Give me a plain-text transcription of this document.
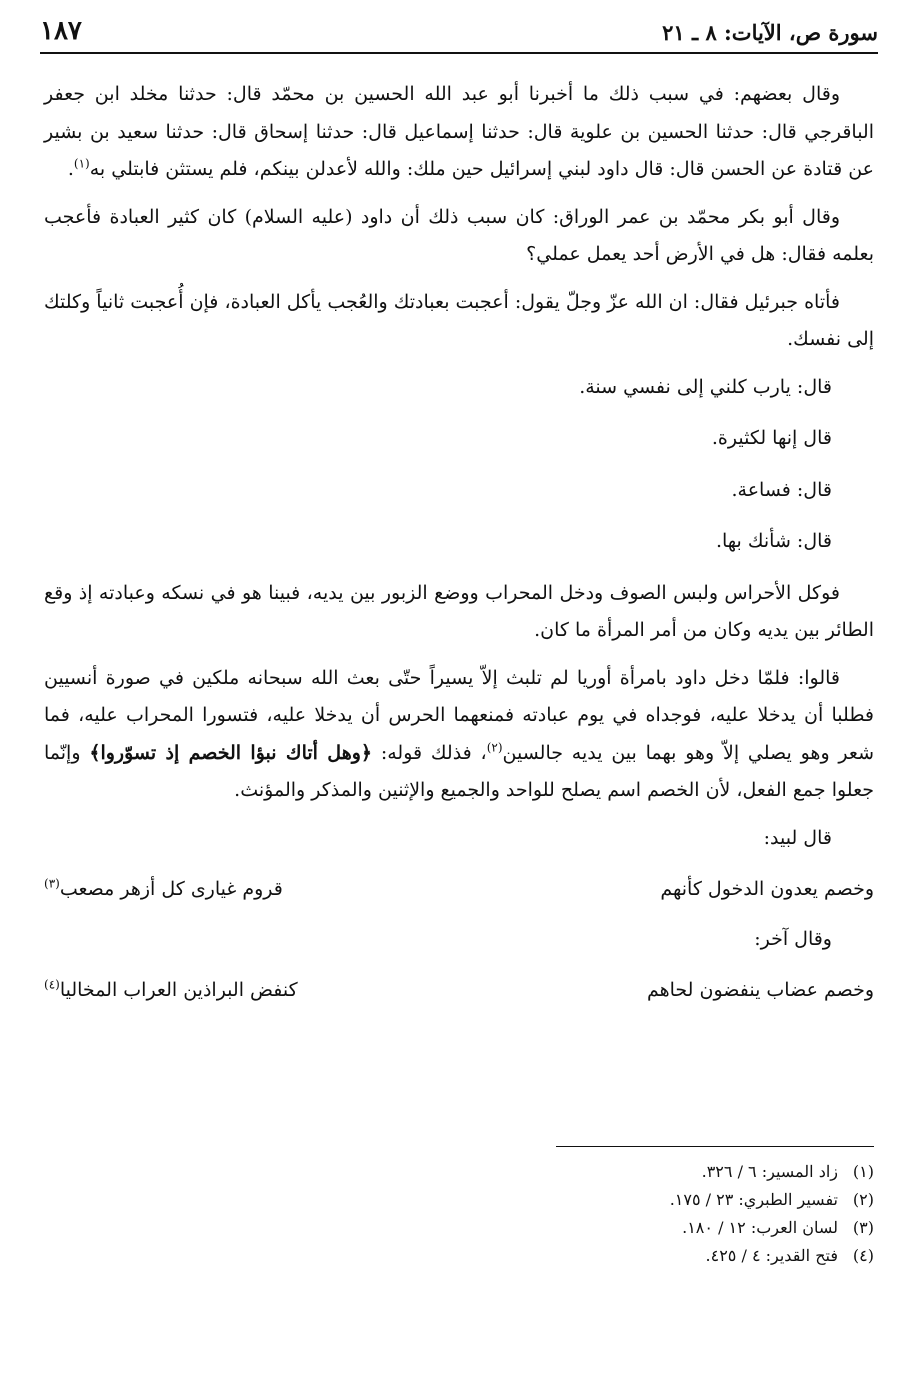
سورة ص، الآيات: ٨ ـ ٢١
١٨٧

وقال بعضهم: في سبب ذلك ما أخبرنا أبو عبد الله الحسين بن محمّد قال: حدثنا مخلد ابن جعفر الباقرجي قال: حدثنا الحسين بن علوية قال: حدثنا إسماعيل قال: حدثنا إسحاق قال: حدثنا سعيد بن بشير عن قتادة عن الحسن قال: قال داود لبني إسرائيل حين ملك: والله لأعدلن بينكم، فلم يستثن فابتلي به$^{(١)}$.

وقال أبو بكر محمّد بن عمر الوراق: كان سبب ذلك أن داود (عليه السلام) كان كثير العبادة فأعجب بعلمه فقال: هل في الأرض أحد يعمل عملي؟

فأتاه جبرئيل فقال: ان الله عزّ وجلّ يقول: أعجبت بعبادتك والعُجب يأكل العبادة، فإن أُعجبت ثانياً وكلتك إلى نفسك.

قال: يارب كلني إلى نفسي سنة.

قال إنها لكثيرة.

قال: فساعة.

قال: شأنك بها.

فوكل الأحراس ولبس الصوف ودخل المحراب ووضع الزبور بين يديه، فبينا هو في نسكه وعبادته إذ وقع الطائر بين يديه وكان من أمر المرأة ما كان.

قالوا: فلمّا دخل داود بامرأة أوريا لم تلبث إلاّ يسيراً حتّى بعث الله سبحانه ملكين في صورة أنسيين فطلبا أن يدخلا عليه، فوجداه في يوم عبادته فمنعهما الحرس أن يدخلا عليه، فتسورا المحراب عليه، فما شعر وهو يصلي إلاّ وهو بهما بين يديه جالسين$^{(٢)}$، فذلك قوله: ﴿وهل أتاك نبؤا الخصم إذ تسوّروا﴾ وإنّما جعلوا جمع الفعل، لأن الخصم اسم يصلح للواحد والجميع والإثنين والمذكر والمؤنث.

قال لبيد:

وخصم يعدون الدخول كأنهم
قروم غيارى كل أزهر مصعب$^{(٣)}$

وقال آخر:

وخصم عضاب ينفضون لحاهم
كنفض البراذين العراب المخاليا$^{(٤)}$
(١)زاد المسير: ٦ / ٣٢٦.
(٢)تفسير الطبري: ٢٣ / ١٧٥.
(٣)لسان العرب: ١٢ / ١٨٠.
(٤)فتح القدير: ٤ / ٤٢٥.
